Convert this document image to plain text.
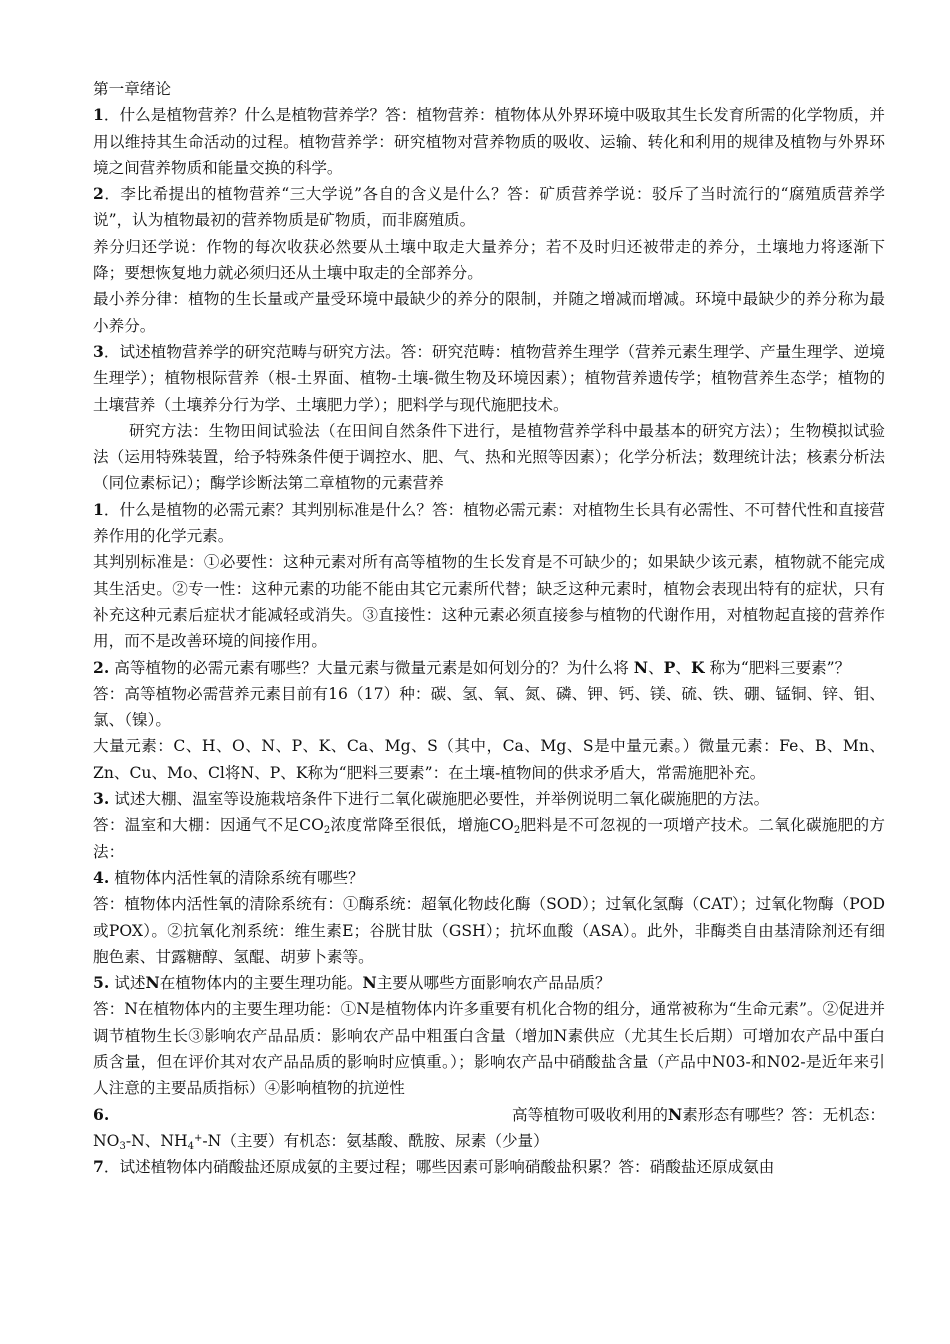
第一章绪论

1．什么是植物营养？什么是植物营养学？答：植物营养：植物体从外界环境中吸取其生长发育所需的化学物质，并用以维持其生命活动的过程。植物营养学：研究植物对营养物质的吸收、运输、转化和利用的规律及植物与外界环境之间营养物质和能量交换的科学。

2．李比希提出的植物营养“三大学说”各自的含义是什么？答：矿质营养学说：驳斥了当时流行的“腐殖质营养学说”，认为植物最初的营养物质是矿物质，而非腐殖质。

养分归还学说：作物的每次收获必然要从土壤中取走大量养分；若不及时归还被带走的养分，土壤地力将逐渐下降；要想恢复地力就必须归还从土壤中取走的全部养分。

最小养分律：植物的生长量或产量受环境中最缺少的养分的限制，并随之增减而增减。环境中最缺少的养分称为最小养分。

3．试述植物营养学的研究范畴与研究方法。答：研究范畴：植物营养生理学（营养元素生理学、产量生理学、逆境生理学）；植物根际营养（根-土界面、植物-土壤-微生物及环境因素）；植物营养遗传学；植物营养生态学；植物的土壤营养（土壤养分行为学、土壤肥力学）；肥料学与现代施肥技术。

研究方法：生物田间试验法（在田间自然条件下进行，是植物营养学科中最基本的研究方法）；生物模拟试验法（运用特殊装置，给予特殊条件便于调控水、肥、气、热和光照等因素）；化学分析法；数理统计法；核素分析法（同位素标记）；酶学诊断法第二章植物的元素营养

1．什么是植物的必需元素？其判别标准是什么？答：植物必需元素：对植物生长具有必需性、不可替代性和直接营养作用的化学元素。

其判别标准是：①必要性：这种元素对所有高等植物的生长发育是不可缺少的；如果缺少该元素，植物就不能完成其生活史。②专一性：这种元素的功能不能由其它元素所代替；缺乏这种元素时，植物会表现出特有的症状，只有补充这种元素后症状才能减轻或消失。③直接性：这种元素必须直接参与植物的代谢作用，对植物起直接的营养作用，而不是改善环境的间接作用。

2. 高等植物的必需元素有哪些？大量元素与微量元素是如何划分的？为什么将 N、P、K 称为“肥料三要素”？

答：高等植物必需营养元素目前有16（17）种：碳、氢、氧、氮、磷、钾、钙、镁、硫、铁、硼、锰铜、锌、钼、氯、（镍）。

大量元素：C、H、O、N、P、K、Ca、Mg、S（其中，Ca、Mg、S是中量元素。）微量元素：Fe、B、Mn、Zn、Cu、Mo、Cl将N、P、K称为“肥料三要素”：在土壤-植物间的供求矛盾大，常需施肥补充。

3. 试述大棚、温室等设施栽培条件下进行二氧化碳施肥必要性，并举例说明二氧化碳施肥的方法。

答：温室和大棚：因通气不足$CO_2$浓度常降至很低，增施$CO_2$肥料是不可忽视的一项增产技术。二氧化碳施肥的方法：

4. 植物体内活性氧的清除系统有哪些？

答：植物体内活性氧的清除系统有：①酶系统：超氧化物歧化酶（SOD）；过氧化氢酶（CAT）；过氧化物酶（POD或POX）。②抗氧化剂系统：维生素E；谷胱甘肽（GSH）；抗坏血酸（ASA）。此外，非酶类自由基清除剂还有细胞色素、甘露糖醇、氢醌、胡萝卜素等。

5. 试述N在植物体内的主要生理功能。N主要从哪些方面影响农产品品质？

答：N在植物体内的主要生理功能：①N是植物体内许多重要有机化合物的组分，通常被称为“生命元素”。②促进并调节植物生长③影响农产品品质：影响农产品中粗蛋白含量（增加N素供应（尤其生长后期）可增加农产品中蛋白质含量，但在评价其对农产品品质的影响时应慎重。）；影响农产品中硝酸盐含量（产品中N03-和N02-是近年来引人注意的主要品质指标）④影响植物的抗逆性

6.	高等植物可吸收利用的N素形态有哪些？答：无机态：

$NO_3-N$、$NH_4^+-N$（主要）有机态：氨基酸、酰胺、尿素（少量）

7．试述植物体内硝酸盐还原成氨的主要过程；哪些因素可影响硝酸盐积累？答：硝酸盐还原成氨由
